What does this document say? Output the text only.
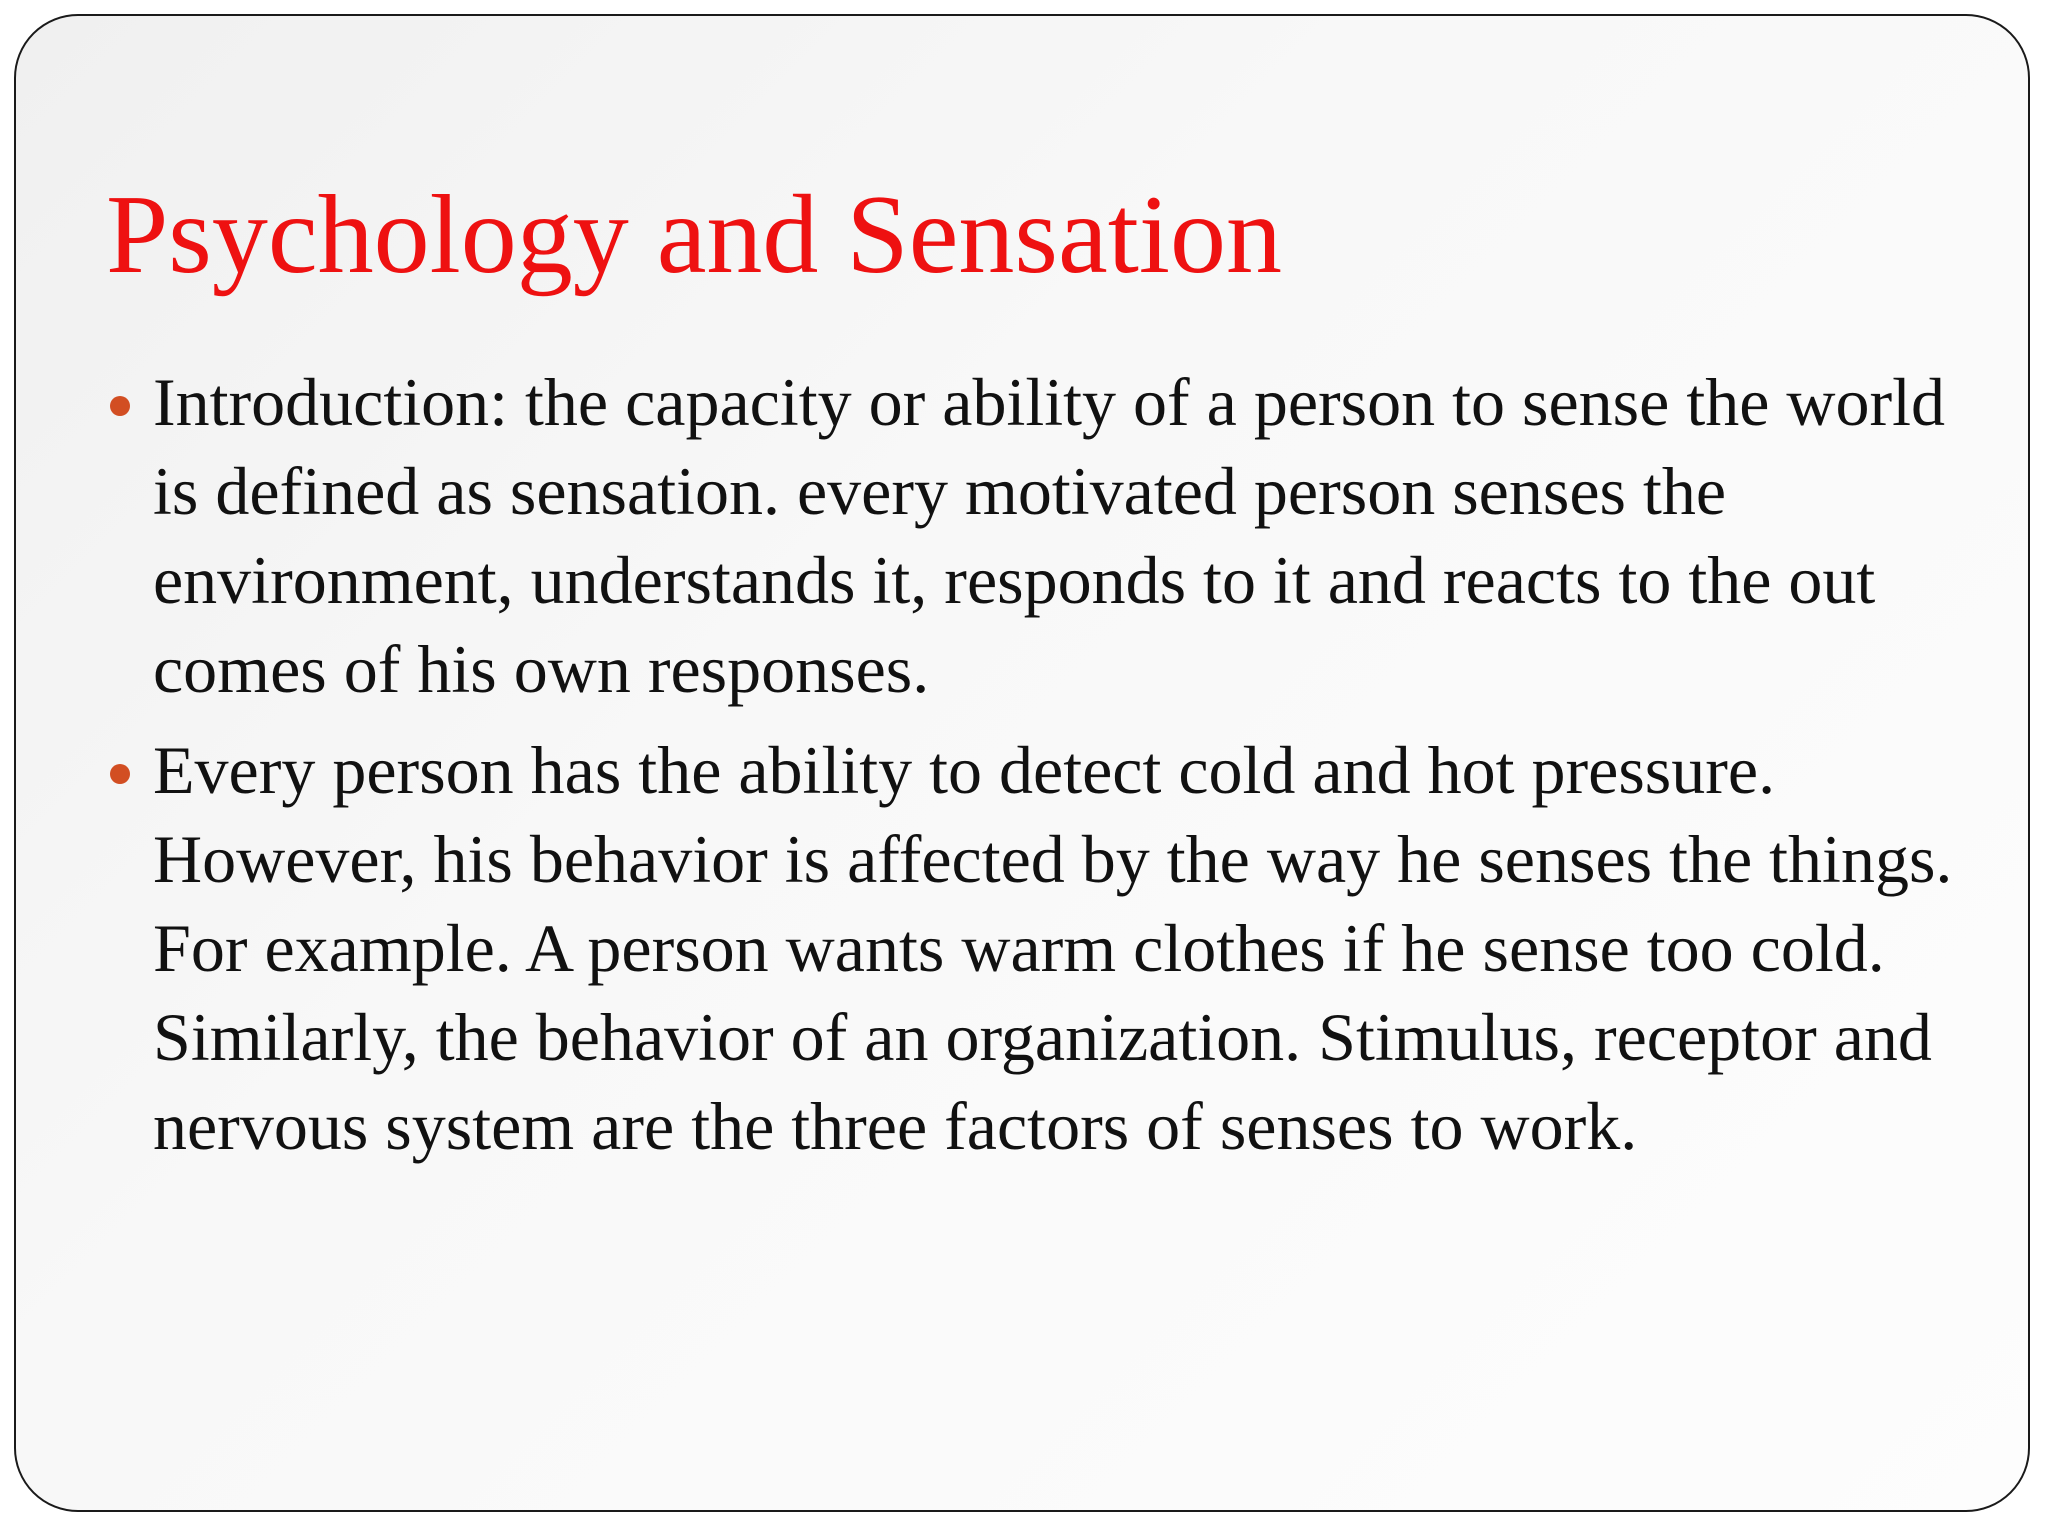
Psychology and Sensation
Introduction: the capacity or ability of a person to sense the world is defined as sensation. every motivated person senses the environment, understands it, responds to it and reacts to the out comes of his own responses.
Every person has the ability to detect cold and hot pressure. However, his behavior is affected by the way he senses the things. For example. A person wants warm clothes if he sense too cold. Similarly, the behavior of an organization. Stimulus, receptor and nervous system are the three factors of senses to work.
